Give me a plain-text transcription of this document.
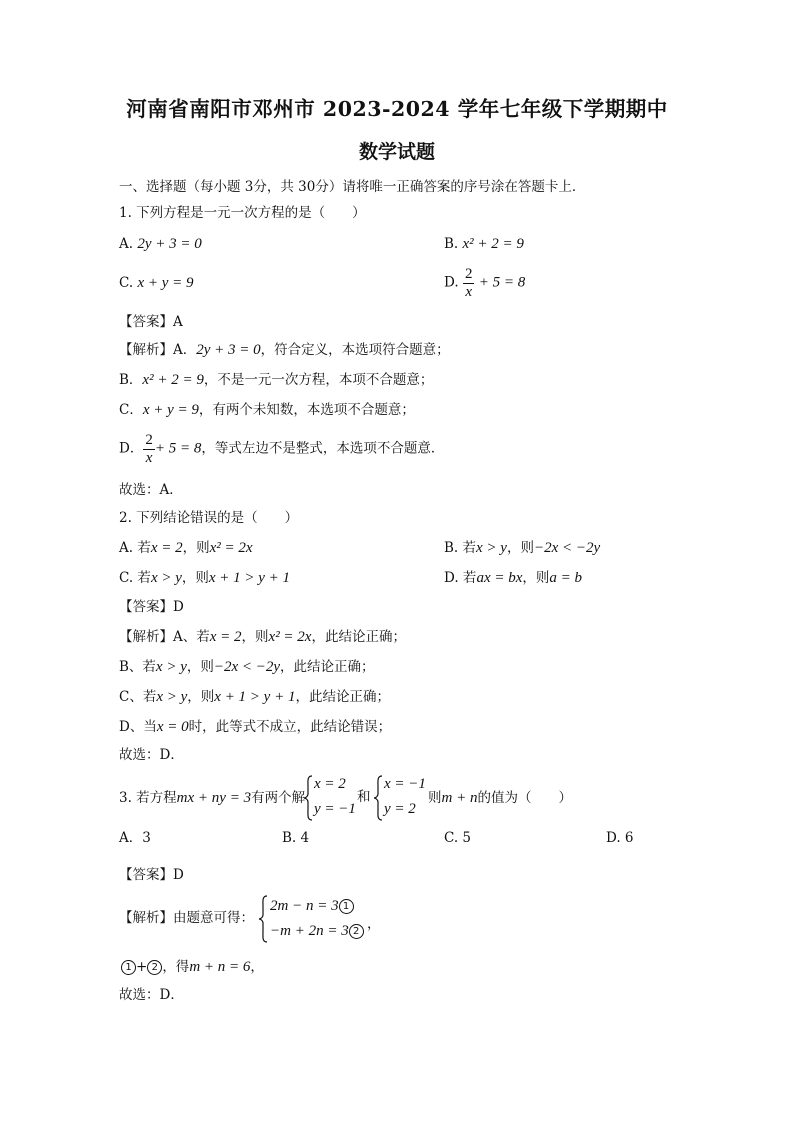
河南省南阳市邓州市 2023-2024 学年七年级下学期期中
数学试题
一、选择题（每小题 3分，共 30分）请将唯一正确答案的序号涂在答题卡上．
1. 下列方程是一元一次方程的是（　　）
A. 2y + 3 = 0	B. x² + 2 = 9
C. x + y = 9	D. $\frac{2}{x} + 5 = 8$
【答案】A
【解析】A．2y + 3 = 0，符合定义，本选项符合题意；
B．x² + 2 = 9，不是一元一次方程，本项不合题意；
C．x + y = 9，有两个未知数，本选项不合题意；
D． $\frac{2}{x} + 5 = 8$，等式左边不是整式，本选项不合题意．
故选：A．
2. 下列结论错误的是（　　）
A. 若x = 2，则x² = 2x	B. 若x > y，则−2x < −2y
C. 若x > y，则x + 1 > y + 1	D. 若ax = bx，则a = b
【答案】D
【解析】A、若x = 2，则x² = 2x，此结论正确；
B、若x > y，则−2x < −2y，此结论正确；
C、若x > y，则x + 1 > y + 1，此结论正确；
D、当x = 0时，此等式不成立，此结论错误；
故选：D．
3. 若方程mx + ny = 3有两个解
x = 2
y = −1
和
x = −1
y = 2
则m + n的值为（　　）
A．3	B. 4	C. 5	D. 6
【答案】D
【解析】由题意可得：
2m − n = 3 1
−m + 2n = 3 2 ，
1 + 2 ，得m + n = 6，
故选：D．
